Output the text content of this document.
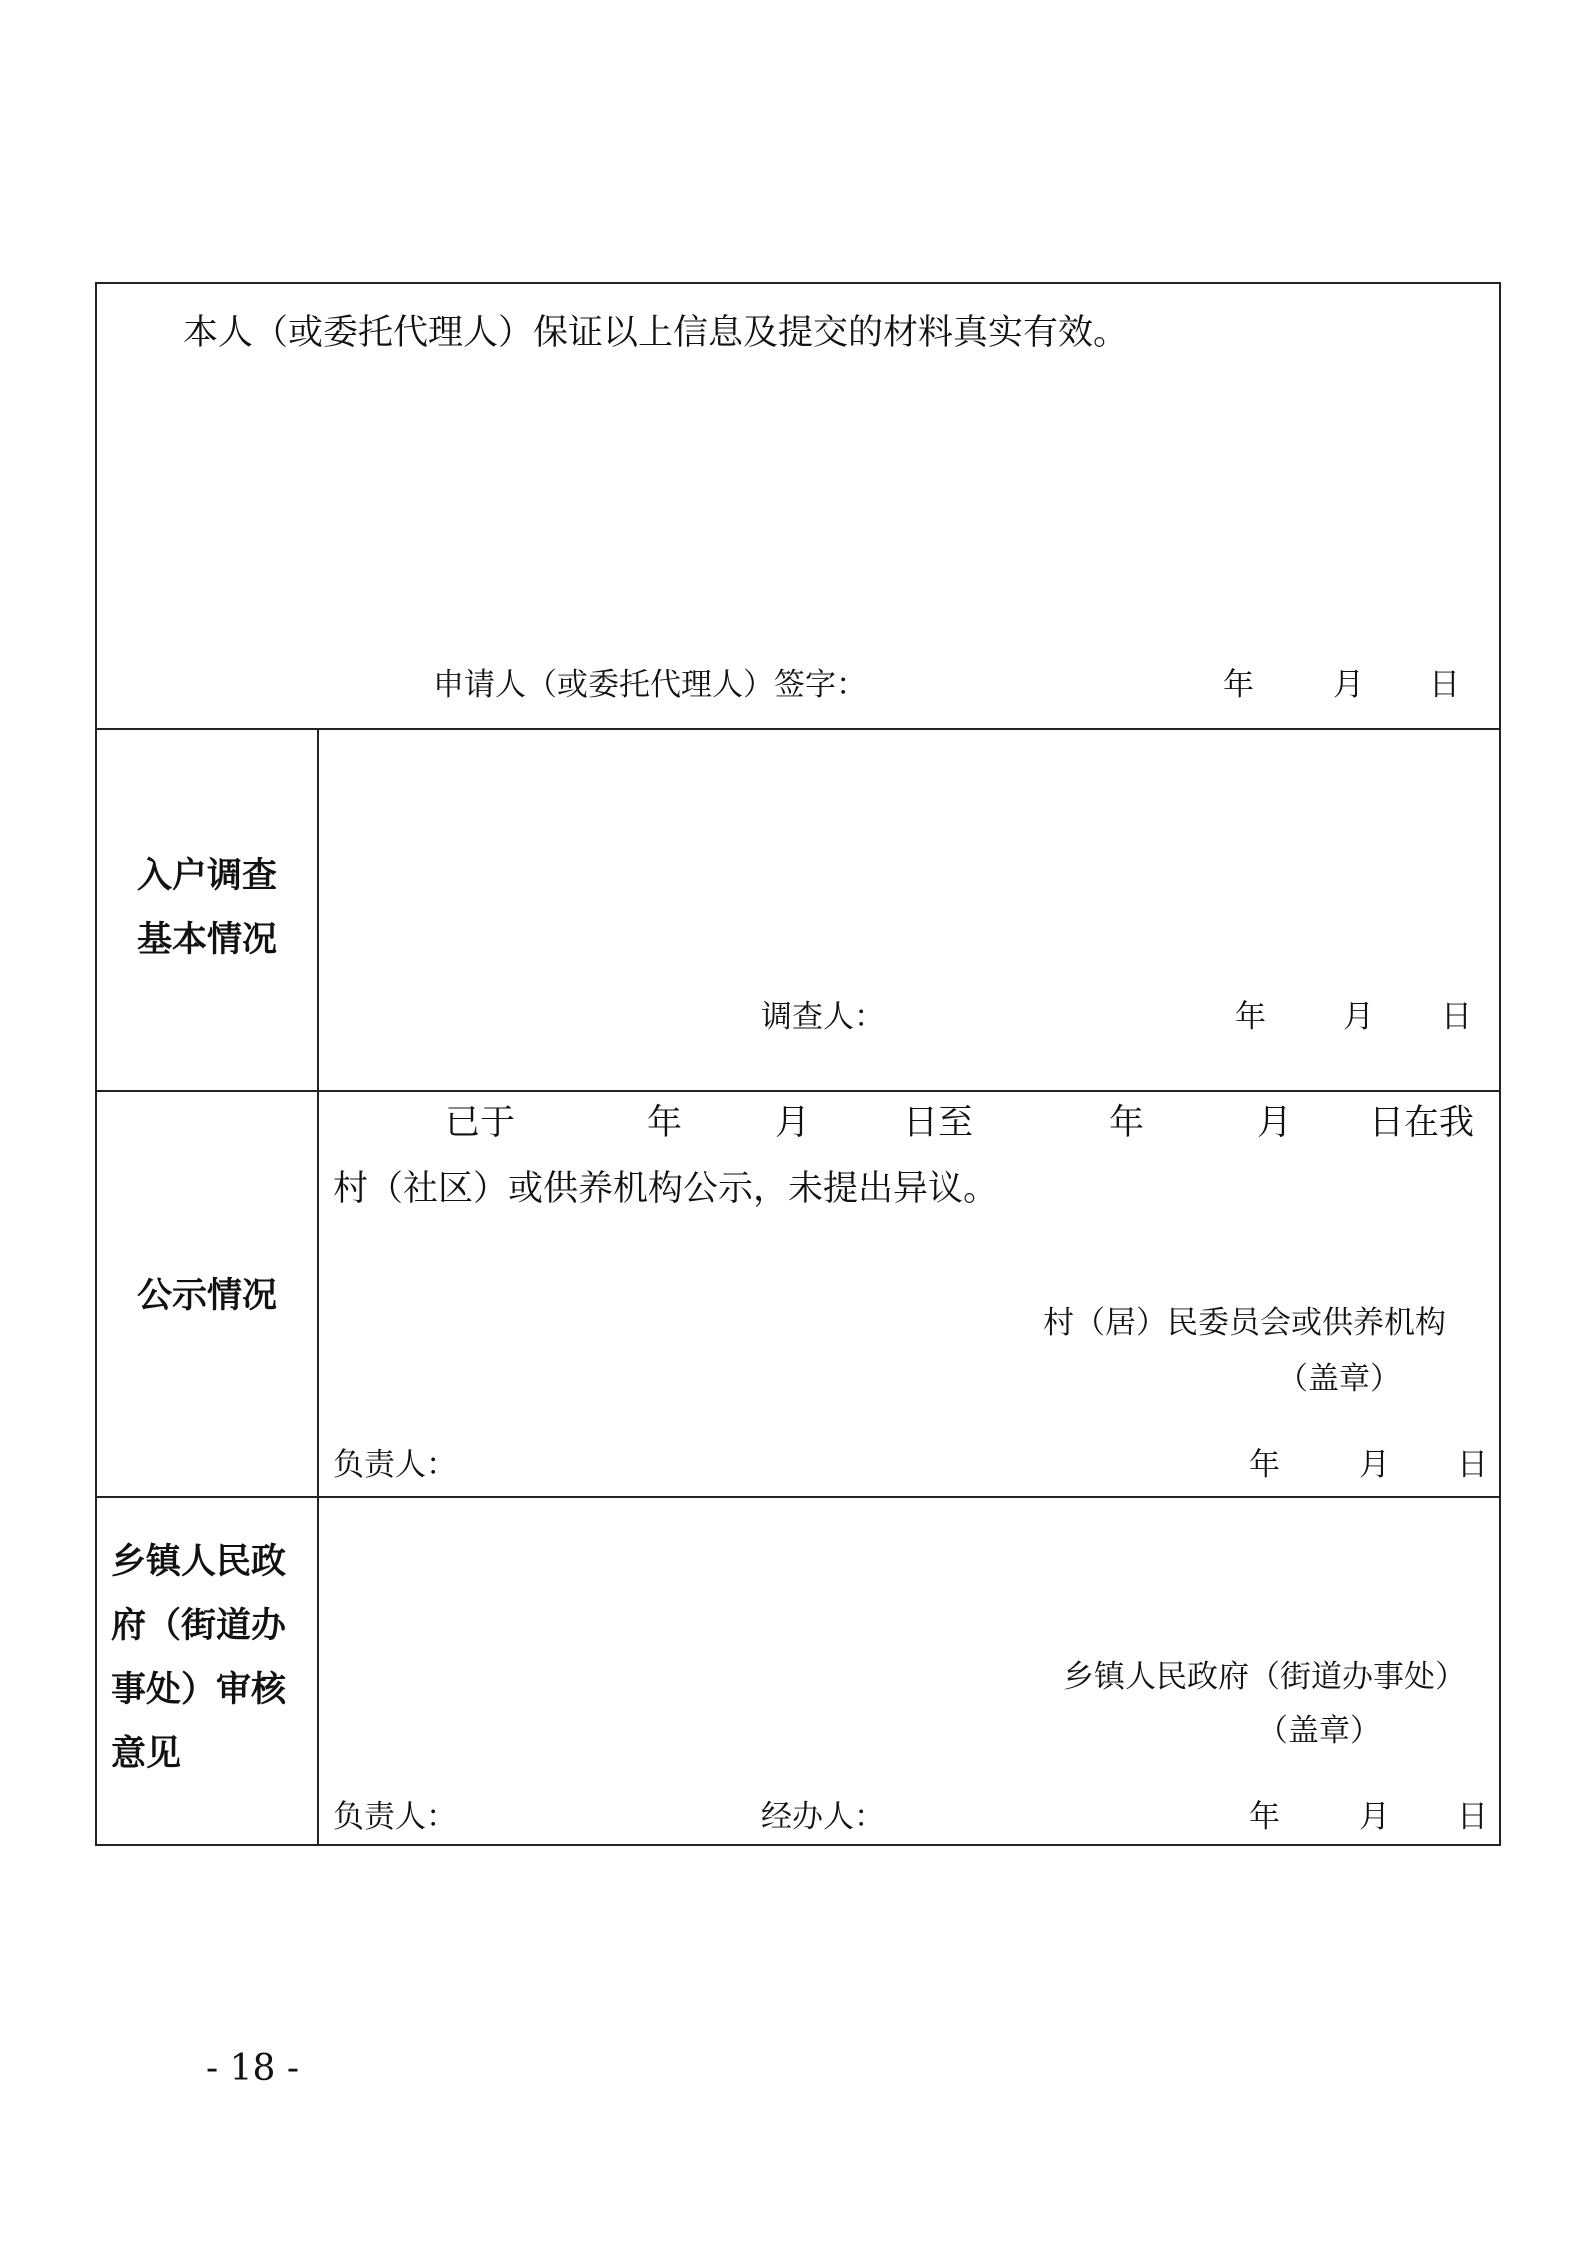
本人（或委托代理人）保证以上信息及提交的材料真实有效。
申请人（或委托代理人）签字：	年	月 日
入户调查
基本情况
调查人：	年 月 日
公示情况
已于	年	月	日至	年	月 日在我
村（社区）或供养机构公示，未提出异议。
村（居）民委员会或供养机构
（盖章）
负责人：	年	月 日
乡镇人民政
府（街道办
事处）审核
意见
乡镇人民政府（街道办事处）
（盖章）
负责人：	经办人：	年	月 日
- 18 -
